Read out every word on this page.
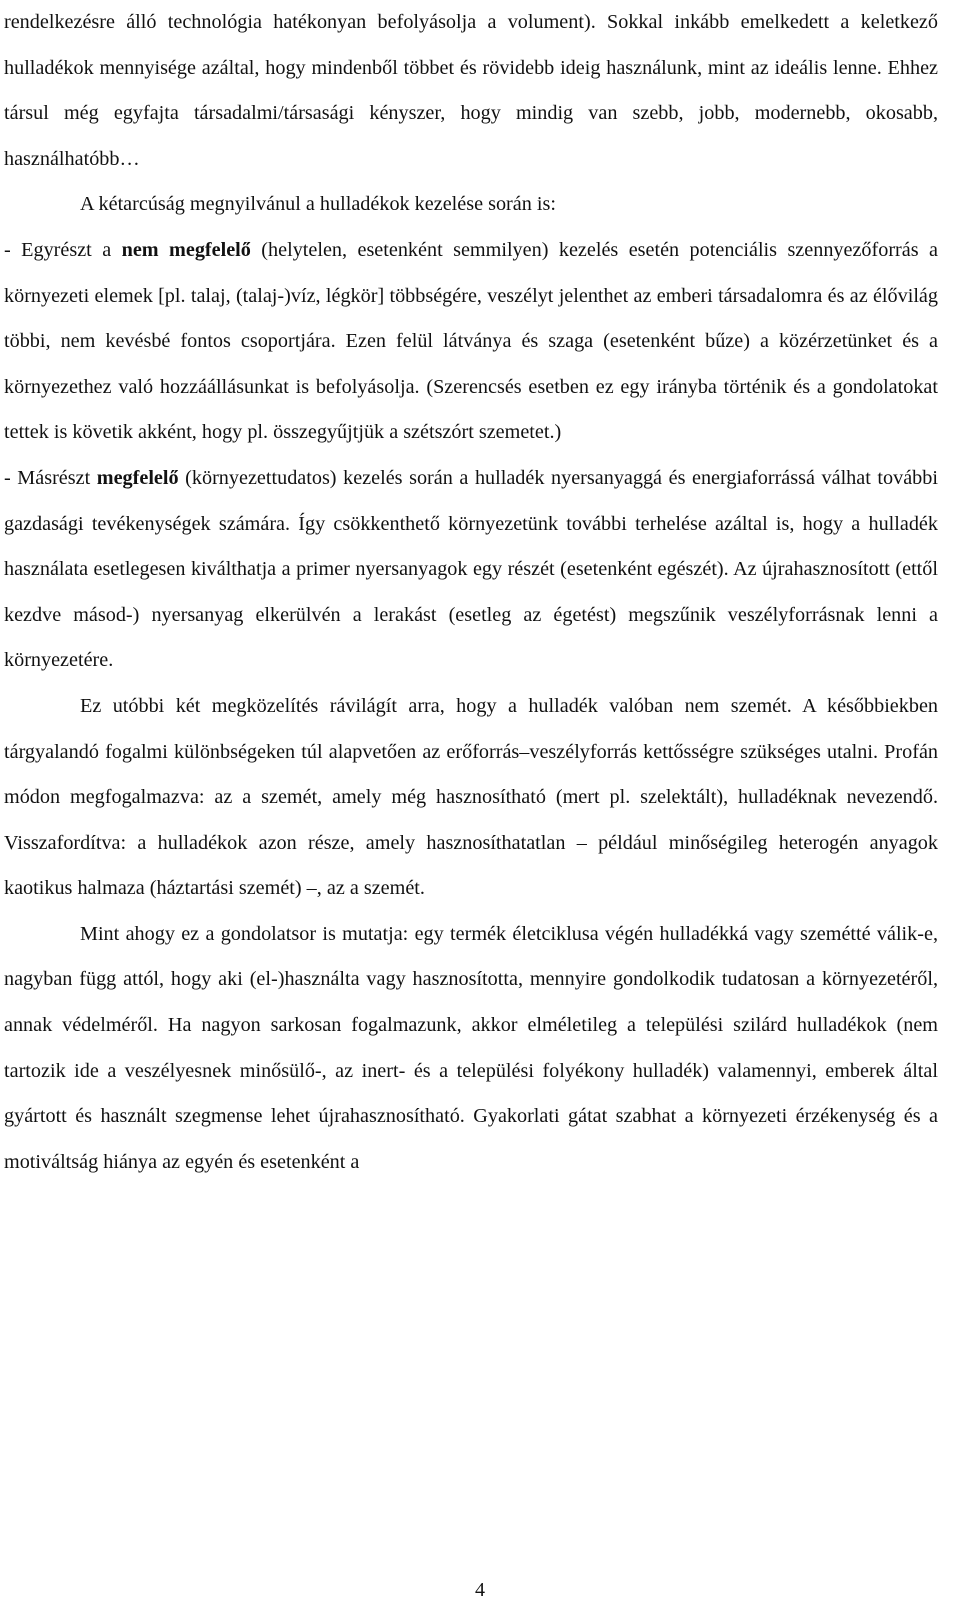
rendelkezésre álló technológia hatékonyan befolyásolja a volument). Sokkal inkább emelkedett a keletkező hulladékok mennyisége azáltal, hogy mindenből többet és rövidebb ideig használunk, mint az ideális lenne. Ehhez társul még egyfajta társadalmi/társasági kényszer, hogy mindig van szebb, jobb, modernebb, okosabb, használhatóbb…

A kétarcúság megnyilvánul a hulladékok kezelése során is:

- Egyrészt a nem megfelelő (helytelen, esetenként semmilyen) kezelés esetén potenciális szennyezőforrás a környezeti elemek [pl. talaj, (talaj-)víz, légkör] többségére, veszélyt jelenthet az emberi társadalomra és az élővilág többi, nem kevésbé fontos csoportjára. Ezen felül látványa és szaga (esetenként bűze) a közérzetünket és a környezethez való hozzáállásunkat is befolyásolja. (Szerencsés esetben ez egy irányba történik és a gondolatokat tettek is követik akként, hogy pl. összegyűjtjük a szétszórt szemetet.)

- Másrészt megfelelő (környezettudatos) kezelés során a hulladék nyersanyaggá és energiaforrássá válhat további gazdasági tevékenységek számára. Így csökkenthető környezetünk további terhelése azáltal is, hogy a hulladék használata esetlegesen kiválthatja a primer nyersanyagok egy részét (esetenként egészét). Az újrahasznosított (ettől kezdve másod-) nyersanyag elkerülvén a lerakást (esetleg az égetést) megszűnik veszélyforrásnak lenni a környezetére.

Ez utóbbi két megközelítés rávilágít arra, hogy a hulladék valóban nem szemét. A későbbiekben tárgyalandó fogalmi különbségeken túl alapvetően az erőforrás–veszélyforrás kettősségre szükséges utalni. Profán módon megfogalmazva: az a szemét, amely még hasznosítható (mert pl. szelektált), hulladéknak nevezendő. Visszafordítva: a hulladékok azon része, amely hasznosíthatatlan – például minőségileg heterogén anyagok kaotikus halmaza (háztartási szemét) –, az a szemét.

Mint ahogy ez a gondolatsor is mutatja: egy termék életciklusa végén hulladékká vagy szemétté válik-e, nagyban függ attól, hogy aki (el-)használta vagy hasznosította, mennyire gondolkodik tudatosan a környezetéről, annak védelméről. Ha nagyon sarkosan fogalmazunk, akkor elméletileg a települési szilárd hulladékok (nem tartozik ide a veszélyesnek minősülő-, az inert- és a települési folyékony hulladék) valamennyi, emberek által gyártott és használt szegmense lehet újrahasznosítható. Gyakorlati gátat szabhat a környezeti érzékenység és a motiváltság hiánya az egyén és esetenként a

4
